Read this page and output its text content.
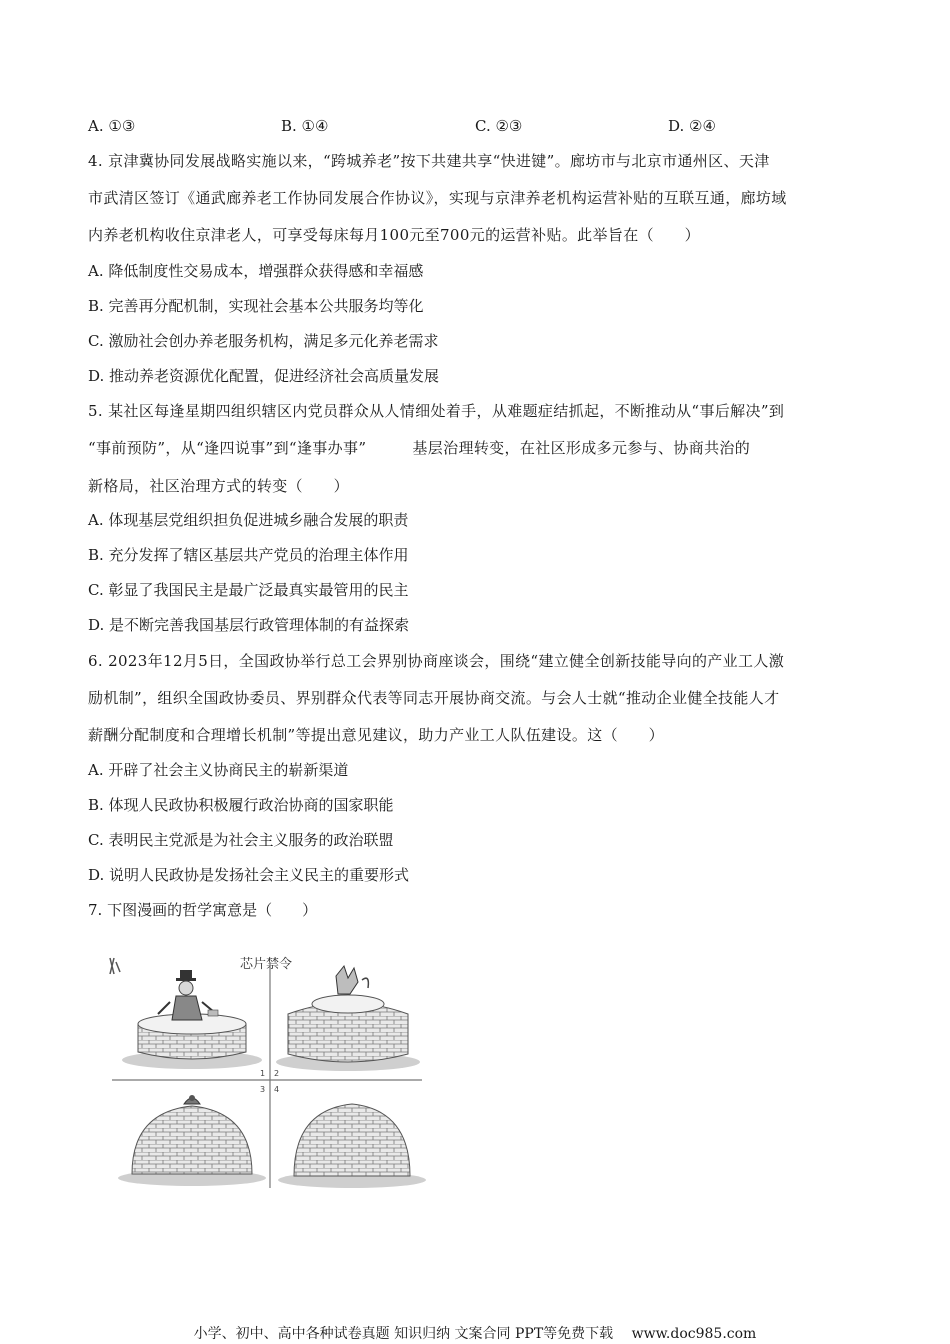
A. ①③	B. ①④	C. ②③	D. ②④
4. 京津冀协同发展战略实施以来，“跨城养老”按下共建共享“快进键”。廊坊市与北京市通州区、天津
市武清区签订《通武廊养老工作协同发展合作协议》，实现与京津养老机构运营补贴的互联互通，廊坊域
内养老机构收住京津老人，可享受每床每月100元至700元的运营补贴。此举旨在（　　）
A. 降低制度性交易成本，增强群众获得感和幸福感
B. 完善再分配机制，实现社会基本公共服务均等化
C. 激励社会创办养老服务机构，满足多元化养老需求
D. 推动养老资源优化配置，促进经济社会高质量发展
5. 某社区每逢星期四组织辖区内党员群众从人情细处着手，从难题症结抓起，不断推动从“事后解决”到
“事前预防”，从“逢四说事”到“逢事办事”　　　基层治理转变，在社区形成多元参与、协商共治的
新格局，社区治理方式的转变（　　）
A. 体现基层党组织担负促进城乡融合发展的职责
B. 充分发挥了辖区基层共产党员的治理主体作用
C. 彰显了我国民主是最广泛最真实最管用的民主
D. 是不断完善我国基层行政管理体制的有益探索
6. 2023年12月5日，全国政协举行总工会界别协商座谈会，围绕“建立健全创新技能导向的产业工人激
励机制”，组织全国政协委员、界别群众代表等同志开展协商交流。与会人士就“推动企业健全技能人才
薪酬分配制度和合理增长机制”等提出意见建议，助力产业工人队伍建设。这（　　）
A. 开辟了社会主义协商民主的崭新渠道
B. 体现人民政协积极履行政治协商的国家职能
C. 表明民主党派是为社会主义服务的政治联盟
D. 说明人民政协是发扬社会主义民主的重要形式
7. 下图漫画的哲学寓意是（　　）
芯片禁令
1 2
3 4
小学、初中、高中各种试卷真题 知识归纳 文案合同 PPT等免费下载　 www.doc985.com
